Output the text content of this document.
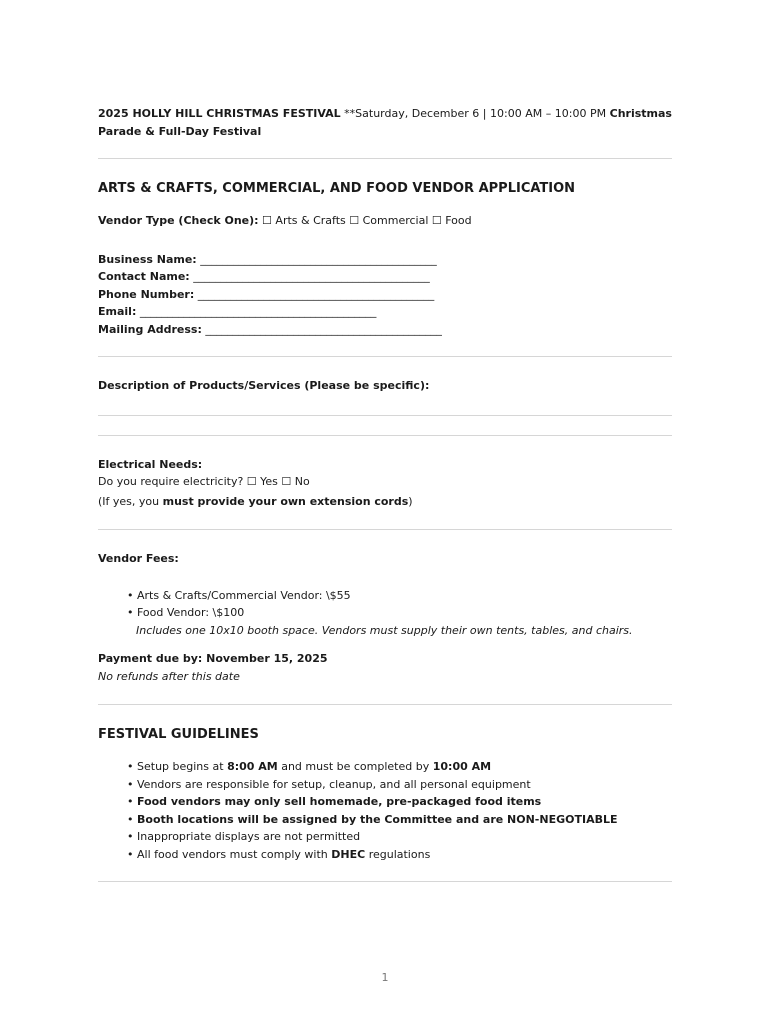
2025 HOLLY HILL CHRISTMAS FESTIVAL **Saturday, December 6 | 10:00 AM – 10:00 PM Christmas Parade & Full-Day Festival
ARTS & CRAFTS, COMMERCIAL, AND FOOD VENDOR APPLICATION
Vendor Type (Check One): ☐ Arts & Crafts ☐ Commercial ☐ Food
Business Name: ___________________________________________
Contact Name: ___________________________________________
Phone Number: ___________________________________________
Email: ___________________________________________
Mailing Address: ___________________________________________
Description of Products/Services (Please be specific):
Electrical Needs:
Do you require electricity? ☐ Yes ☐ No
(If yes, you must provide your own extension cords)
Vendor Fees:
• Arts & Crafts/Commercial Vendor: \$55
• Food Vendor: \$100
Includes one 10x10 booth space. Vendors must supply their own tents, tables, and chairs.
Payment due by: November 15, 2025
No refunds after this date
FESTIVAL GUIDELINES
• Setup begins at 8:00 AM and must be completed by 10:00 AM
• Vendors are responsible for setup, cleanup, and all personal equipment
• Food vendors may only sell homemade, pre-packaged food items
• Booth locations will be assigned by the Committee and are NON-NEGOTIABLE
• Inappropriate displays are not permitted
• All food vendors must comply with DHEC regulations
1
